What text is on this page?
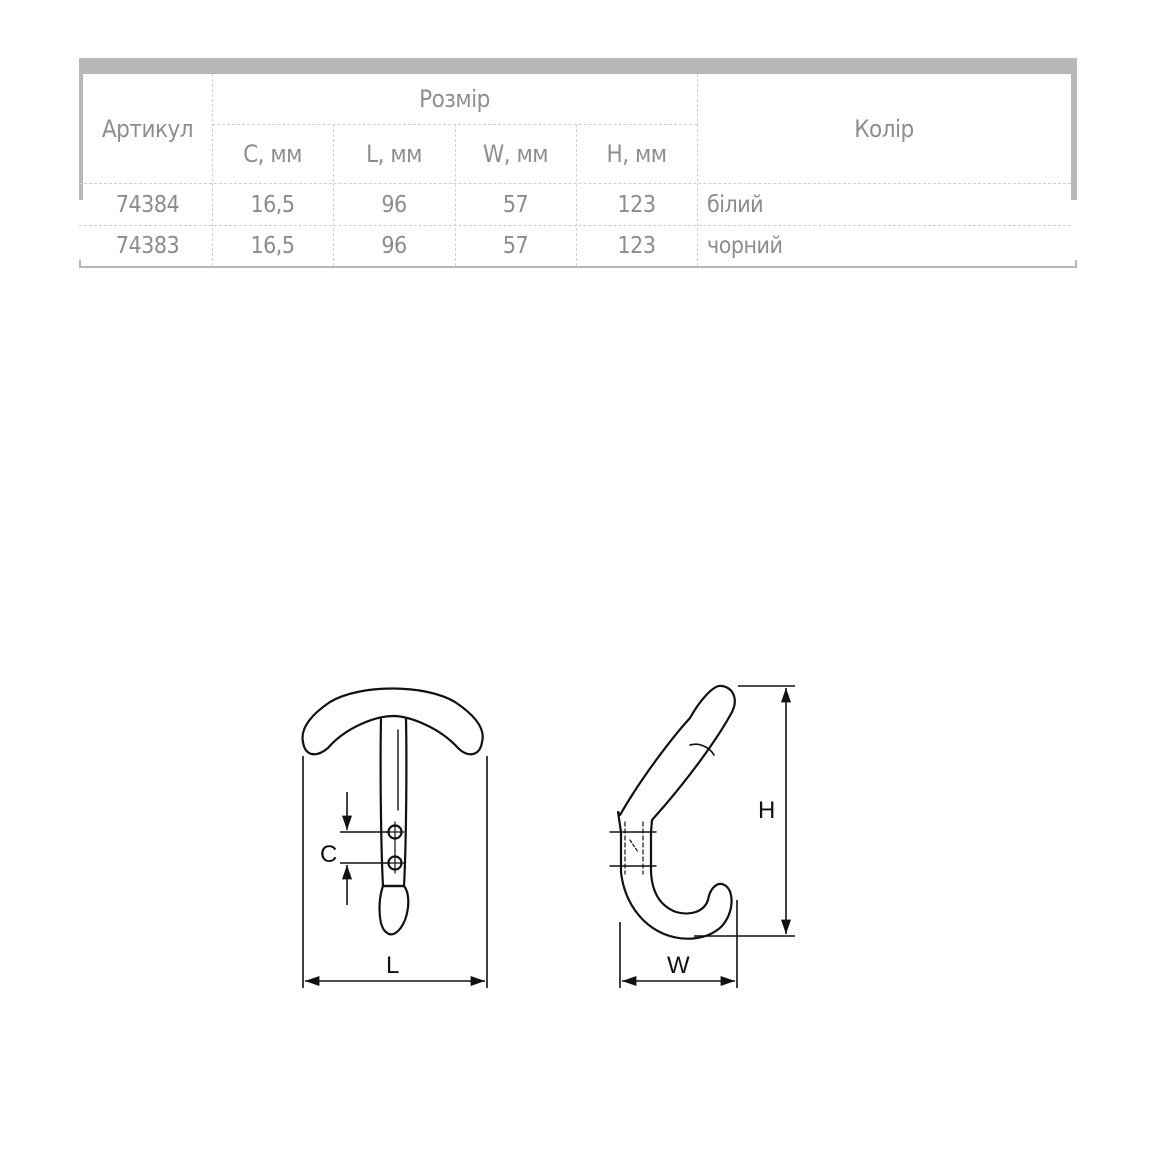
Артикул
Розмір
Колір
C, мм	L, мм	W, мм	H, мм
74384	16,5	96	57	123	білий
74383	16,5	96	57	123	чорний
C
L
H
W
